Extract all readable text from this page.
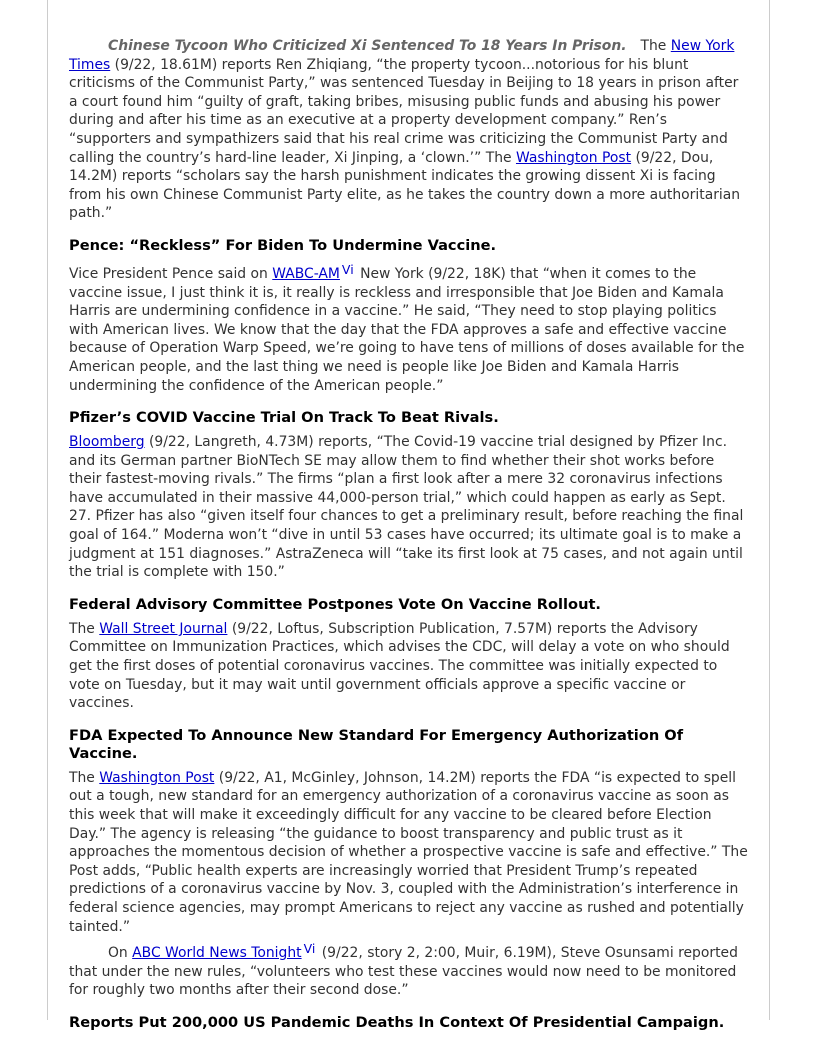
Chinese Tycoon Who Criticized Xi Sentenced To 18 Years In Prison. The New York Times (9/22, 18.61M) reports Ren Zhiqiang, “the property tycoon...notorious for his blunt criticisms of the Communist Party,” was sentenced Tuesday in Beijing to 18 years in prison after a court found him “guilty of graft, taking bribes, misusing public funds and abusing his power during and after his time as an executive at a property development company.” Ren’s “supporters and sympathizers said that his real crime was criticizing the Communist Party and calling the country’s hard-line leader, Xi Jinping, a ‘clown.’” The Washington Post (9/22, Dou, 14.2M) reports “scholars say the harsh punishment indicates the growing dissent Xi is facing from his own Chinese Communist Party elite, as he takes the country down a more authoritarian path.”

Pence: “Reckless” For Biden To Undermine Vaccine.

Vice President Pence said on WABC-AM Vi New York (9/22, 18K) that “when it comes to the vaccine issue, I just think it is, it really is reckless and irresponsible that Joe Biden and Kamala Harris are undermining confidence in a vaccine.” He said, “They need to stop playing politics with American lives. We know that the day that the FDA approves a safe and effective vaccine because of Operation Warp Speed, we’re going to have tens of millions of doses available for the American people, and the last thing we need is people like Joe Biden and Kamala Harris undermining the confidence of the American people.”

Pfizer’s COVID Vaccine Trial On Track To Beat Rivals.

Bloomberg (9/22, Langreth, 4.73M) reports, “The Covid-19 vaccine trial designed by Pfizer Inc. and its German partner BioNTech SE may allow them to find whether their shot works before their fastest-moving rivals.” The firms “plan a first look after a mere 32 coronavirus infections have accumulated in their massive 44,000-person trial,” which could happen as early as Sept. 27. Pfizer has also “given itself four chances to get a preliminary result, before reaching the final goal of 164.” Moderna won’t “dive in until 53 cases have occurred; its ultimate goal is to make a judgment at 151 diagnoses.” AstraZeneca will “take its first look at 75 cases, and not again until the trial is complete with 150.”

Federal Advisory Committee Postpones Vote On Vaccine Rollout.

The Wall Street Journal (9/22, Loftus, Subscription Publication, 7.57M) reports the Advisory Committee on Immunization Practices, which advises the CDC, will delay a vote on who should get the first doses of potential coronavirus vaccines. The committee was initially expected to vote on Tuesday, but it may wait until government officials approve a specific vaccine or vaccines.

FDA Expected To Announce New Standard For Emergency Authorization Of Vaccine.

The Washington Post (9/22, A1, McGinley, Johnson, 14.2M) reports the FDA “is expected to spell out a tough, new standard for an emergency authorization of a coronavirus vaccine as soon as this week that will make it exceedingly difficult for any vaccine to be cleared before Election Day.” The agency is releasing “the guidance to boost transparency and public trust as it approaches the momentous decision of whether a prospective vaccine is safe and effective.” The Post adds, “Public health experts are increasingly worried that President Trump’s repeated predictions of a coronavirus vaccine by Nov. 3, coupled with the Administration’s interference in federal science agencies, may prompt Americans to reject any vaccine as rushed and potentially tainted.”

On ABC World News Tonight Vi (9/22, story 2, 2:00, Muir, 6.19M), Steve Osunsami reported that under the new rules, “volunteers who test these vaccines would now need to be monitored for roughly two months after their second dose.”

Reports Put 200,000 US Pandemic Deaths In Context Of Presidential Campaign.
